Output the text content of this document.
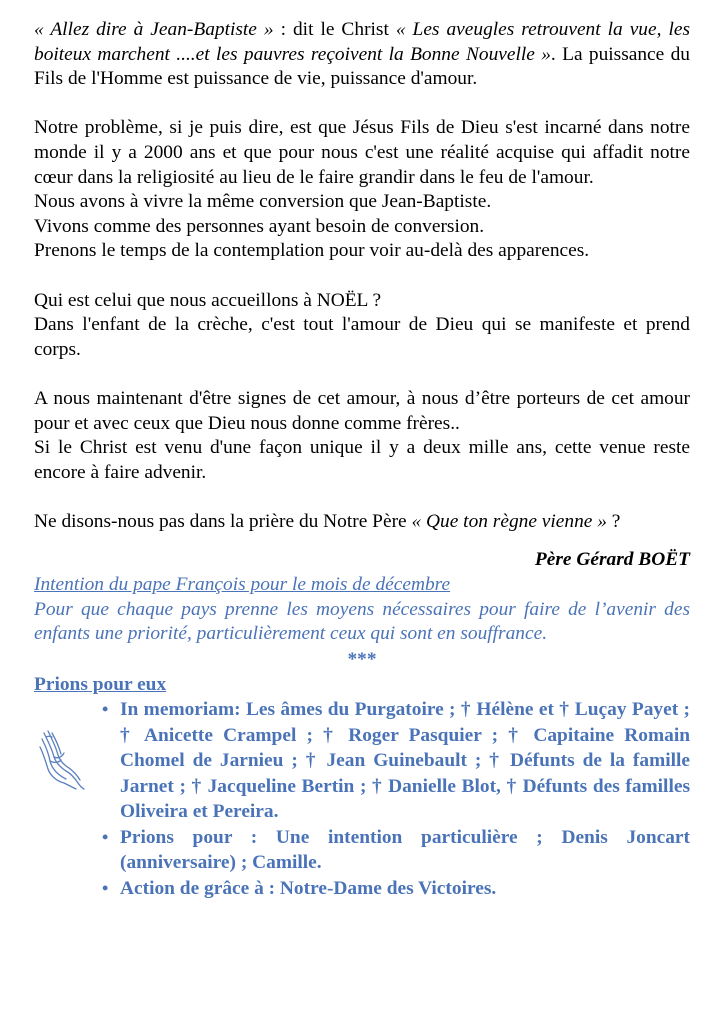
« Allez dire à Jean-Baptiste » : dit le Christ « Les aveugles retrouvent la vue, les boiteux marchent ....et les pauvres reçoivent la Bonne Nouvelle ». La puissance du Fils de l'Homme est puissance de vie, puissance d'amour.

Notre problème, si je puis dire, est que Jésus Fils de Dieu s'est incarné dans notre monde il y a 2000 ans et que pour nous c'est une réalité acquise qui affadit notre cœur dans la religiosité au lieu de le faire grandir dans le feu de l'amour.

Nous avons à vivre la même conversion que Jean-Baptiste.

Vivons comme des personnes ayant besoin de conversion.

Prenons le temps de la contemplation pour voir au-delà des apparences.

Qui est celui que nous accueillons à NOËL ?

Dans l'enfant de la crèche, c'est tout l'amour de Dieu qui se manifeste et prend corps.

A nous maintenant d'être signes de cet amour, à nous d’être porteurs de cet amour pour et avec ceux que Dieu nous donne comme frères..

Si le Christ est venu d'une façon unique il y a deux mille ans, cette venue reste encore à faire advenir.

Ne disons-nous pas dans la prière du Notre Père « Que ton règne vienne » ?

Père Gérard BOËT
Intention du pape François pour le mois de décembre

Pour que chaque pays prenne les moyens nécessaires pour faire de l’avenir des enfants une priorité, particulièrement ceux qui sont en souffrance.

***
Prions pour eux
• In memoriam: Les âmes du Purgatoire ; † Hélène et † Luçay Payet ; † Anicette Crampel ; † Roger Pasquier ; † Capitaine Romain Chomel de Jarnieu ; † Jean Guinebault ; † Défunts de la famille Jarnet ; † Jacqueline Bertin ; † Danielle Blot, † Défunts des familles Oliveira et Pereira.
• Prions pour : Une intention particulière ; Denis Joncart (anniversaire) ; Camille.
• Action de grâce à : Notre-Dame des Victoires.
